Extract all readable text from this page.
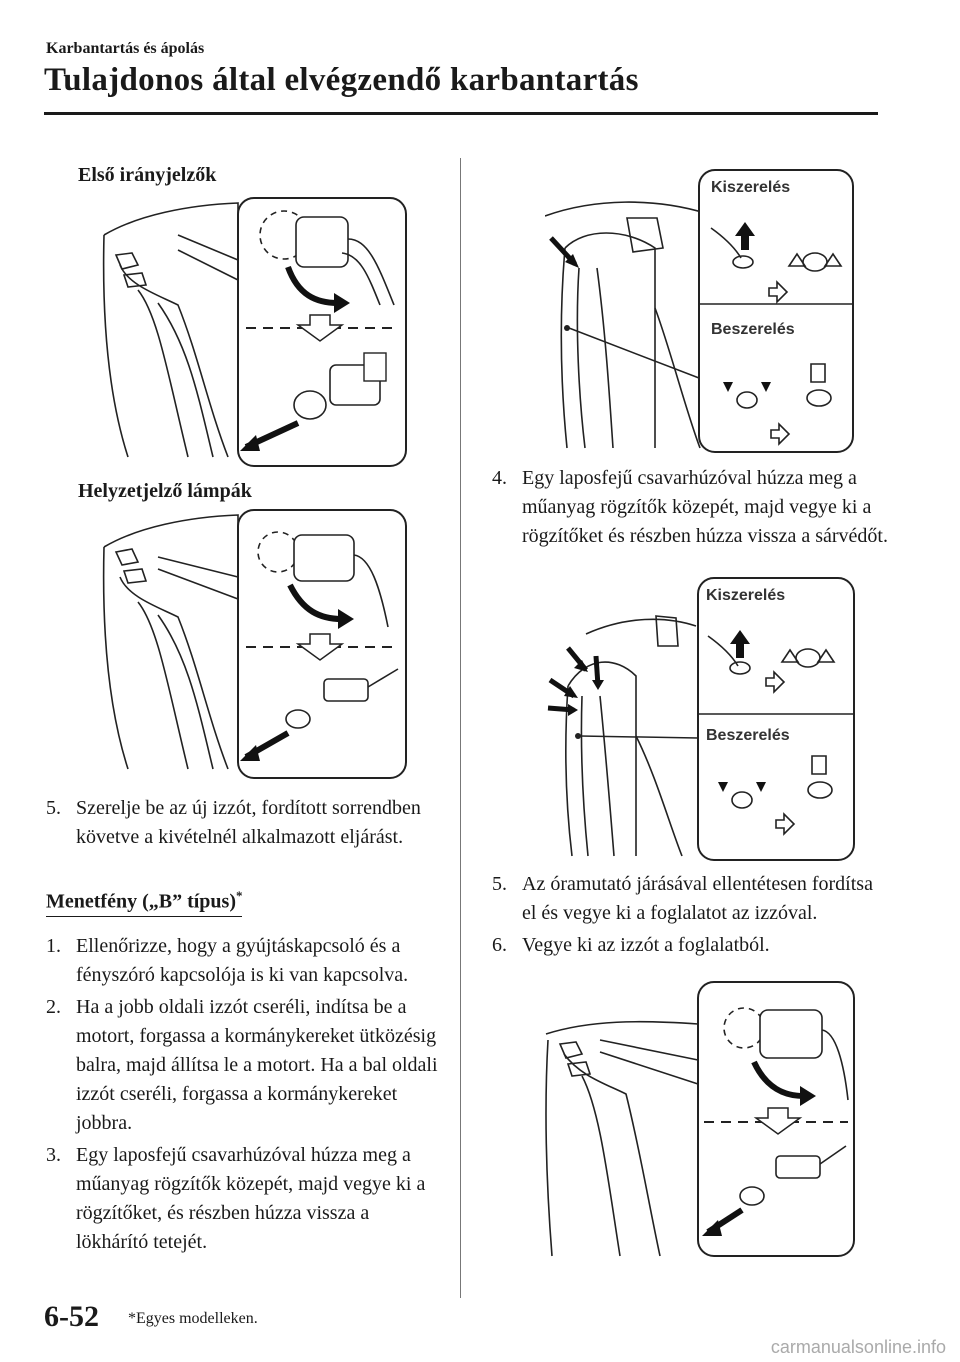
Karbantartás és ápolás
Tulajdonos által elvégzendő karbantartás
Első irányjelzők
Helyzetjelző lámpák
5. Szerelje be az új izzót, fordított sorrendben követve a kivételnél alkalmazott eljárást.
Menetfény („B” típus)*
1. Ellenőrizze, hogy a gyújtáskapcsoló és a fényszóró kapcsolója is ki van kapcsolva.
2. Ha a jobb oldali izzót cseréli, indítsa be a motort, forgassa a kormánykereket ütközésig balra, majd állítsa le a motort. Ha a bal oldali izzót cseréli, forgassa a kormánykereket jobbra.
3. Egy laposfejű csavarhúzóval húzza meg a műanyag rögzítők közepét, majd vegye ki a rögzítőket, és részben húzza vissza a lökhárító tetejét.
Kiszerelés
Beszerelés
4. Egy laposfejű csavarhúzóval húzza meg a műanyag rögzítők közepét, majd vegye ki a rögzítőket és részben húzza vissza a sárvédőt.
Kiszerelés
Beszerelés
5. Az óramutató járásával ellentétesen fordítsa el és vegye ki a foglalatot az izzóval.
6. Vegye ki az izzót a foglalatból.
6-52 *Egyes modelleken.
carmanualsonline.info
